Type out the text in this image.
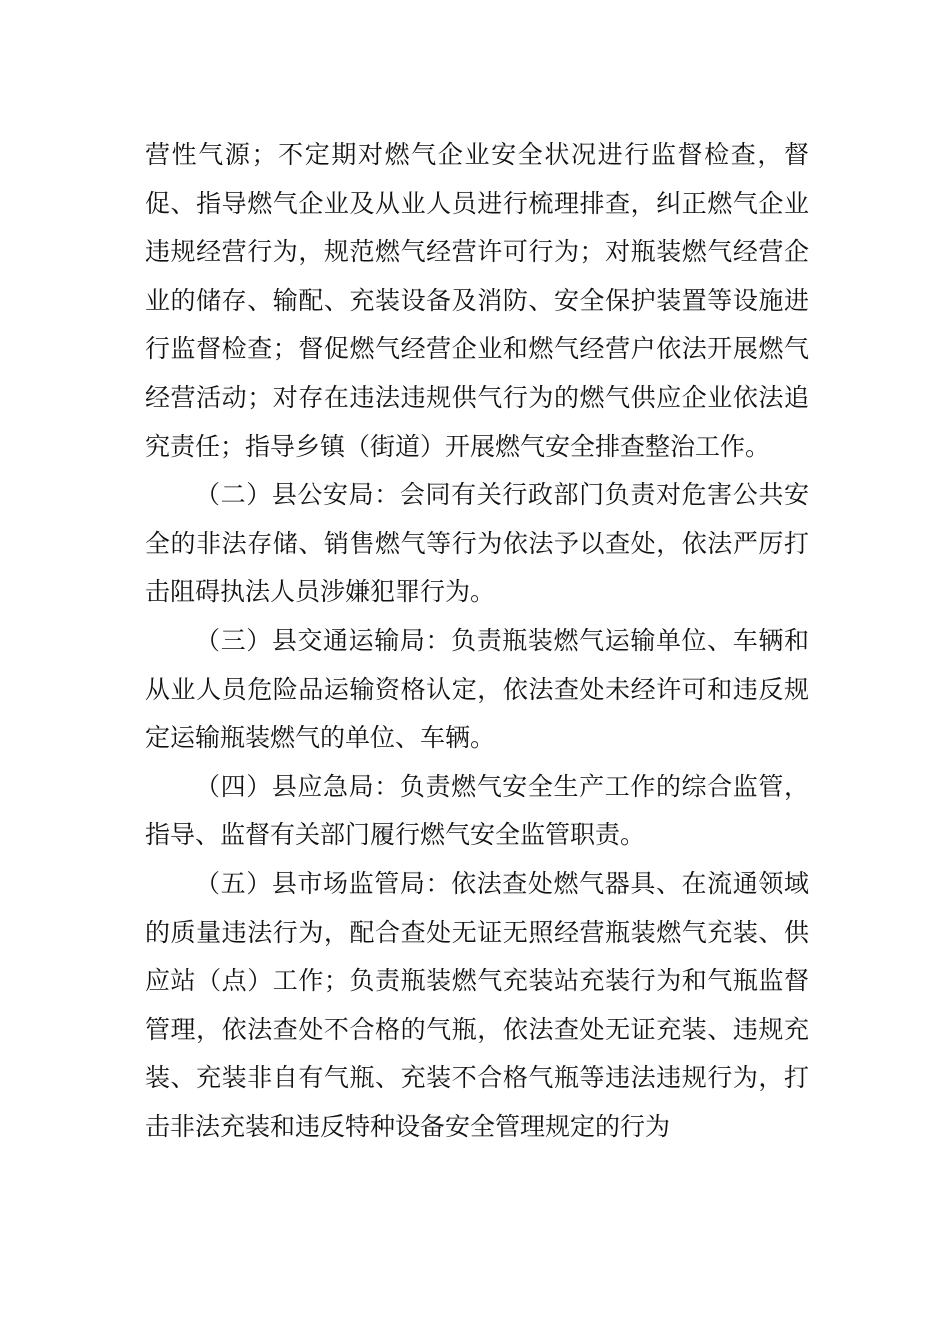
营性气源；不定期对燃气企业安全状况进行监督检查，督促、指导燃气企业及从业人员进行梳理排查，纠正燃气企业违规经营行为，规范燃气经营许可行为；对瓶装燃气经营企业的储存、输配、充装设备及消防、安全保护装置等设施进行监督检查；督促燃气经营企业和燃气经营户依法开展燃气经营活动；对存在违法违规供气行为的燃气供应企业依法追究责任；指导乡镇（街道）开展燃气安全排查整治工作。

（二）县公安局：会同有关行政部门负责对危害公共安全的非法存储、销售燃气等行为依法予以查处，依法严厉打击阻碍执法人员涉嫌犯罪行为。

（三）县交通运输局：负责瓶装燃气运输单位、车辆和从业人员危险品运输资格认定，依法查处未经许可和违反规定运输瓶装燃气的单位、车辆。

（四）县应急局：负责燃气安全生产工作的综合监管，指导、监督有关部门履行燃气安全监管职责。

（五）县市场监管局：依法查处燃气器具、在流通领域的质量违法行为，配合查处无证无照经营瓶装燃气充装、供应站（点）工作；负责瓶装燃气充装站充装行为和气瓶监督管理，依法查处不合格的气瓶，依法查处无证充装、违规充装、充装非自有气瓶、充装不合格气瓶等违法违规行为，打击非法充装和违反特种设备安全管理规定的行为
